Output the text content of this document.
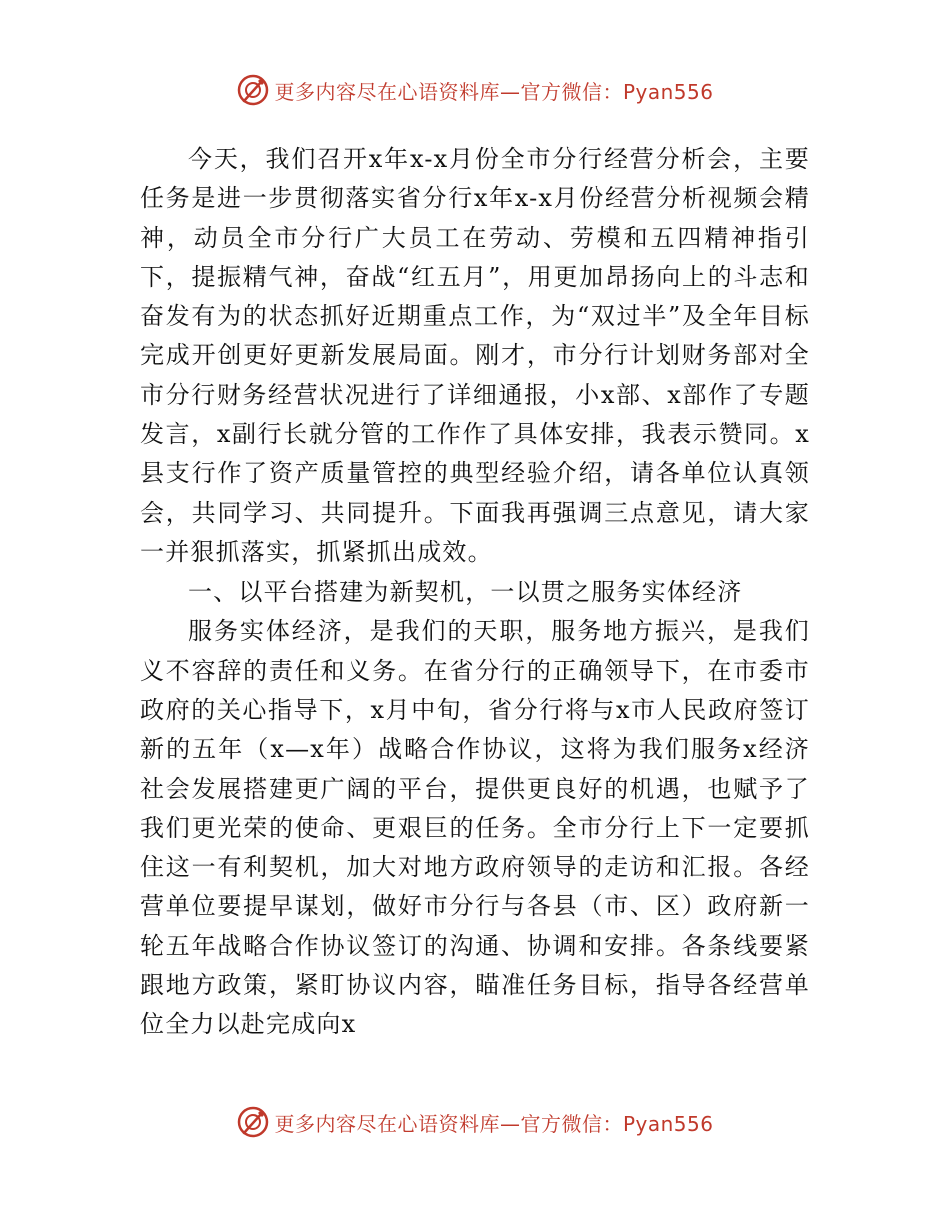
更多内容尽在心语资料库—官方微信：Pyan556

今天，我们召开x年x-x月份全市分行经营分析会，主要任务是进一步贯彻落实省分行x年x-x月份经营分析视频会精神，动员全市分行广大员工在劳动、劳模和五四精神指引下，提振精气神，奋战“红五月”，用更加昂扬向上的斗志和奋发有为的状态抓好近期重点工作，为“双过半”及全年目标完成开创更好更新发展局面。刚才，市分行计划财务部对全市分行财务经营状况进行了详细通报，小x部、x部作了专题发言，x副行长就分管的工作作了具体安排，我表示赞同。x县支行作了资产质量管控的典型经验介绍，请各单位认真领会，共同学习、共同提升。下面我再强调三点意见，请大家一并狠抓落实，抓紧抓出成效。

一、以平台搭建为新契机，一以贯之服务实体经济

服务实体经济，是我们的天职，服务地方振兴，是我们义不容辞的责任和义务。在省分行的正确领导下，在市委市政府的关心指导下，x月中旬，省分行将与x市人民政府签订新的五年（x—x年）战略合作协议，这将为我们服务x经济社会发展搭建更广阔的平台，提供更良好的机遇，也赋予了我们更光荣的使命、更艰巨的任务。全市分行上下一定要抓住这一有利契机，加大对地方政府领导的走访和汇报。各经营单位要提早谋划，做好市分行与各县（市、区）政府新一轮五年战略合作协议签订的沟通、协调和安排。各条线要紧跟地方政策，紧盯协议内容，瞄准任务目标，指导各经营单位全力以赴完成向x

更多内容尽在心语资料库—官方微信：Pyan556
